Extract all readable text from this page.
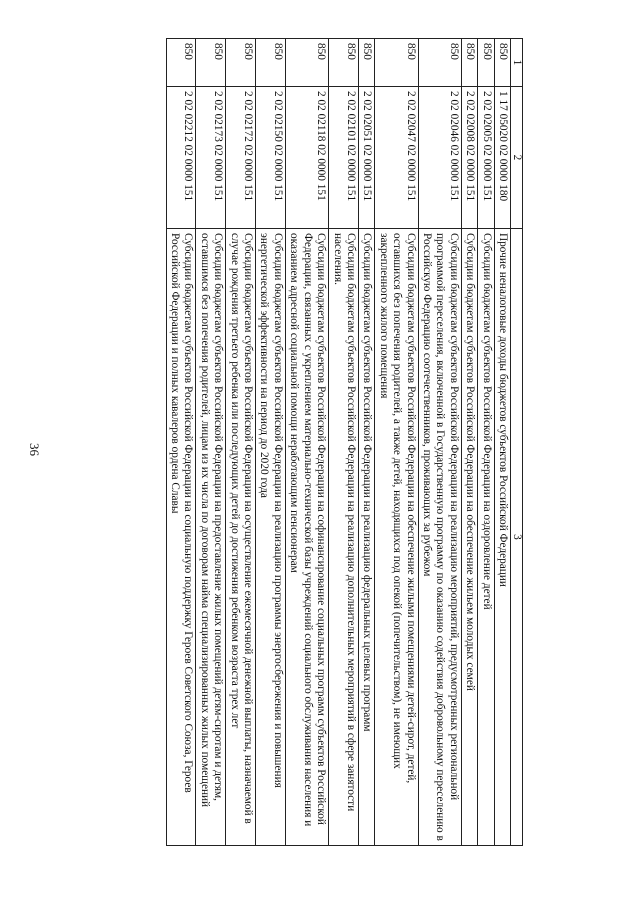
36
1	2	3
850	1 17 05020 02 0000 180	Прочие неналоговые доходы бюджетов субъектов Российской Федерации
850	2 02 02005 02 0000 151	Субсидии бюджетам субъектов Российской Федерации на оздоровление детей
850	2 02 02008 02 0000 151	Субсидии бюджетам субъектов Российской Федерации на обеспечение жильем молодых семей
850	2 02 02046 02 0000 151	Субсидии бюджетам субъектов Российской Федерации на реализацию мероприятий, предусмотренных региональной программой переселения, включенной в Государственную программу по оказанию содействия добровольному переселению в Российскую Федерацию соотечественников, проживающих за рубежом
850	2 02 02047 02 0000 151	Субсидии бюджетам субъектов Российской Федерации на обеспечение жилыми помещениями детей-сирот, детей, оставшихся без попечения родителей, а также детей, находящихся под опекой (попечительством), не имеющих закрепленного жилого помещения
850	2 02 02051 02 0000 151	Субсидии бюджетам субъектов Российской Федерации на реализацию федеральных целевых программ
850	2 02 02101 02 0000 151	Субсидии бюджетам субъектов Российской Федерации на реализацию дополнительных мероприятий в сфере занятости населения.
850	2 02 02118 02 0000 151	Субсидии бюджетам субъектов Российской Федерации на софинансирование социальных программ субъектов Российской Федерации, связанных с укреплением материально-технической базы учреждений социального обслуживания населения и оказанием адресной социальной помощи неработающим пенсионерам
850	2 02 02150 02 0000 151	Субсидии бюджетам субъектов Российской Федерации на реализацию программы энергосбережения и повышения энергетической эффективности на период до 2020 года
850	2 02 02172 02 0000 151	Субсидии бюджетам субъектов Российской Федерации на осуществление ежемесячной денежной выплаты, назначаемой в случае рождения третьего ребенка или последующих детей до достижения ребенком возраста трех лет
850	2 02 02173 02 0000 151	Субсидии бюджетам субъектов Российской Федерации на предоставление жилых помещений детям-сиротам и детям, оставшимся без попечения родителей, лицам из их числа по договорам найма специализированных жилых помещений
850	2 02 02212 02 0000 151	Субсидии бюджетам субъектов Российской Федерации на социальную поддержку Героев Советского Союза, Героев Российской Федерации и полных кавалеров ордена Славы
